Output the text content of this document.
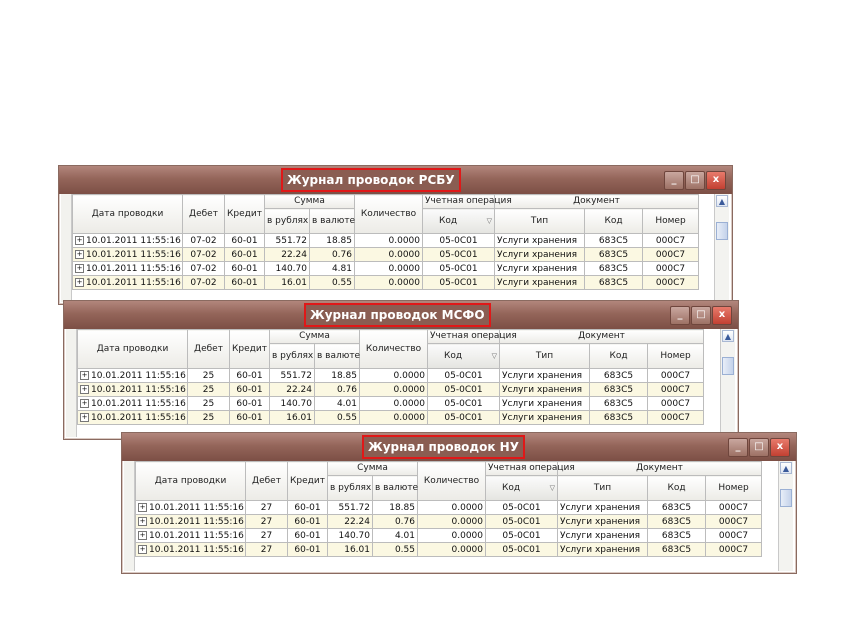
Журнал проводок РСБУ	_	□	x
Дата проводки	Дебет	Кредит	Сумма		Количество	Учетная операция	Документ		
			в рублях	в валюте			Тип	Код	Номер
						Код ▽			

+ 10.01.2011 11:55:16	07-02	60-01	551.72	18.85	0.0000	05-0C01	Услуги хранения	683С5	000С7
+ 10.01.2011 11:55:16	07-02	60-01	22.24	0.76	0.0000	05-0C01	Услуги хранения	683С5	000С7
+ 10.01.2011 11:55:16	07-02	60-01	140.70	4.81	0.0000	05-0C01	Услуги хранения	683С5	000С7
+ 10.01.2011 11:55:16	07-02	60-01	16.01	0.55	0.0000	05-0C01	Услуги хранения	683С5	000С7
▲
Журнал проводок МСФО	_	□	x
Дата проводки	Дебет	Кредит	Сумма		Количество	Учетная операция	Документ		
			в рублях	в валюте			Тип	Код	Номер
						Код ▽			

+ 10.01.2011 11:55:16	25	60-01	551.72	18.85	0.0000	05-0C01	Услуги хранения	683С5	000С7
+ 10.01.2011 11:55:16	25	60-01	22.24	0.76	0.0000	05-0C01	Услуги хранения	683С5	000С7
+ 10.01.2011 11:55:16	25	60-01	140.70	4.01	0.0000	05-0C01	Услуги хранения	683С5	000С7
+ 10.01.2011 11:55:16	25	60-01	16.01	0.55	0.0000	05-0C01	Услуги хранения	683С5	000С7
▲
Журнал проводок НУ	_	□	x
Дата проводки	Дебет	Кредит	Сумма		Количество	Учетная операция	Документ		
			в рублях	в валюте			Тип	Код	Номер
						Код ▽			

+ 10.01.2011 11:55:16	27	60-01	551.72	18.85	0.0000	05-0C01	Услуги хранения	683С5	000С7
+ 10.01.2011 11:55:16	27	60-01	22.24	0.76	0.0000	05-0C01	Услуги хранения	683С5	000С7
+ 10.01.2011 11:55:16	27	60-01	140.70	4.01	0.0000	05-0C01	Услуги хранения	683С5	000С7
+ 10.01.2011 11:55:16	27	60-01	16.01	0.55	0.0000	05-0C01	Услуги хранения	683С5	000С7
▲
